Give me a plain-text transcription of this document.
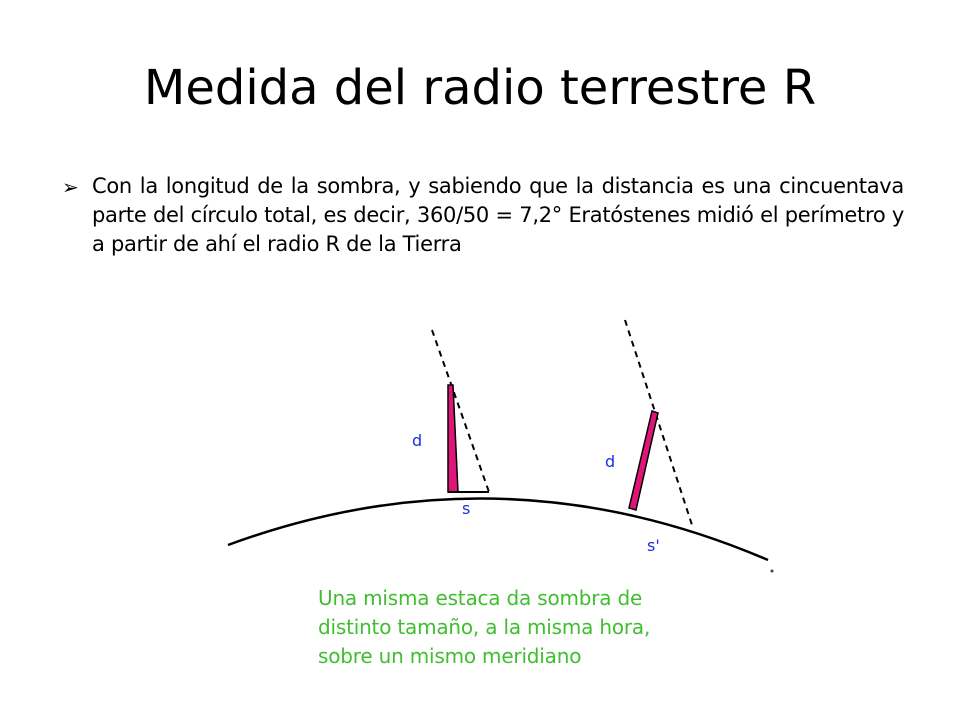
Medida del radio terrestre R
➢ Con la longitud de la sombra, y sabiendo que la distancia es una cincuentava parte del círculo total, es decir, 360/50 = 7,2° Eratóstenes midió el perímetro y a partir de ahí el radio R de la Tierra
d
d
s
s'
Una misma estaca da sombra de
distinto tamaño, a la misma hora,
sobre un mismo meridiano
